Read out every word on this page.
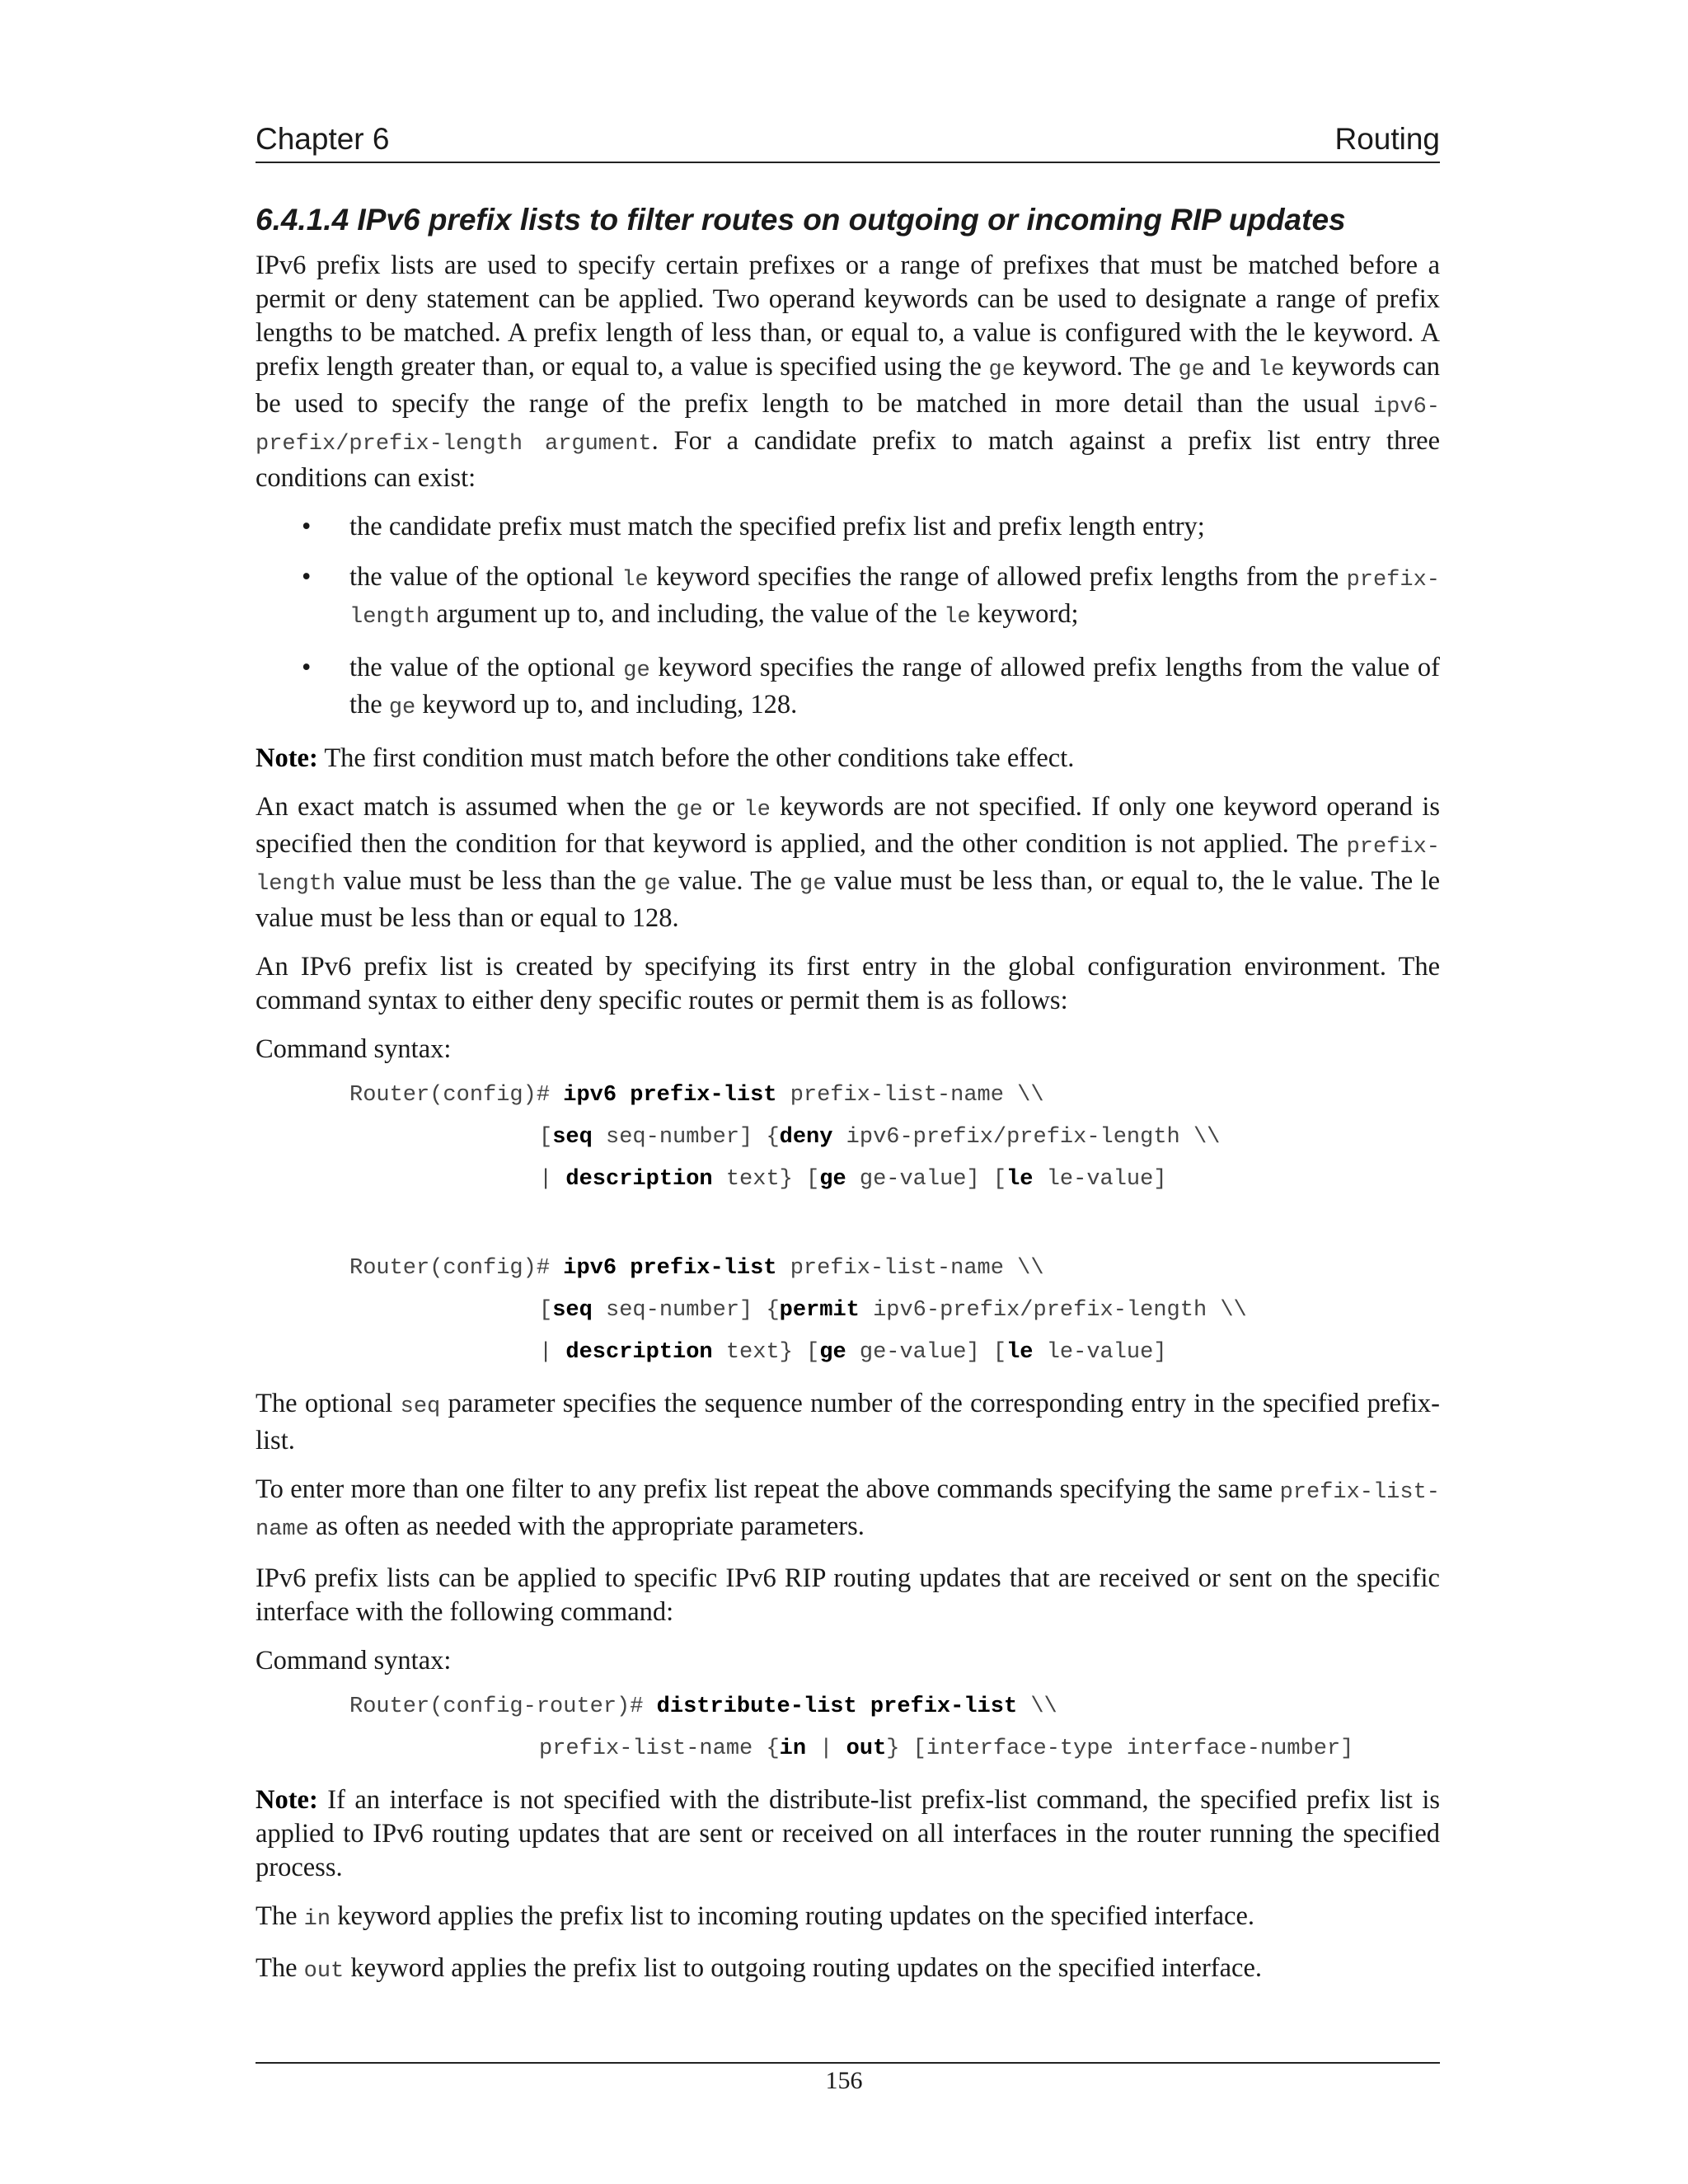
Chapter 6	Routing
6.4.1.4 IPv6 prefix lists to filter routes on outgoing or incoming RIP updates

IPv6 prefix lists are used to specify certain prefixes or a range of prefixes that must be matched before a permit or deny statement can be applied. Two operand keywords can be used to designate a range of prefix lengths to be matched. A prefix length of less than, or equal to, a value is configured with the le keyword. A prefix length greater than, or equal to, a value is specified using the ge keyword. The ge and le keywords can be used to specify the range of the prefix length to be matched in more detail than the usual ipv6-prefix/prefix-length argument. For a candidate prefix to match against a prefix list entry three conditions can exist:

• the candidate prefix must match the specified prefix list and prefix length entry;
• the value of the optional le keyword specifies the range of allowed prefix lengths from the prefix-length argument up to, and including, the value of the le keyword;
• the value of the optional ge keyword specifies the range of allowed prefix lengths from the value of the ge keyword up to, and including, 128.

Note: The first condition must match before the other conditions take effect.

An exact match is assumed when the ge or le keywords are not specified. If only one keyword operand is specified then the condition for that keyword is applied, and the other condition is not applied. The prefix-length value must be less than the ge value. The ge value must be less than, or equal to, the le value. The le value must be less than or equal to 128.

An IPv6 prefix list is created by specifying its first entry in the global configuration environment. The command syntax to either deny specific routes or permit them is as follows:

Command syntax:

Router(config)# ipv6 prefix-list prefix-list-name \\
[seq seq-number] {deny ipv6-prefix/prefix-length \\
| description text} [ge ge-value] [le le-value]
Router(config)# ipv6 prefix-list prefix-list-name \\
[seq seq-number] {permit ipv6-prefix/prefix-length \\
| description text} [ge ge-value] [le le-value]

The optional seq parameter specifies the sequence number of the corresponding entry in the specified prefix-list.

To enter more than one filter to any prefix list repeat the above commands specifying the same prefix-list-name as often as needed with the appropriate parameters.

IPv6 prefix lists can be applied to specific IPv6 RIP routing updates that are received or sent on the specific interface with the following command:

Command syntax:

Router(config-router)# distribute-list prefix-list \\
prefix-list-name {in | out} [interface-type interface-number]

Note: If an interface is not specified with the distribute-list prefix-list command, the specified prefix list is applied to IPv6 routing updates that are sent or received on all interfaces in the router running the specified process.

The in keyword applies the prefix list to incoming routing updates on the specified interface.

The out keyword applies the prefix list to outgoing routing updates on the specified interface.

156
